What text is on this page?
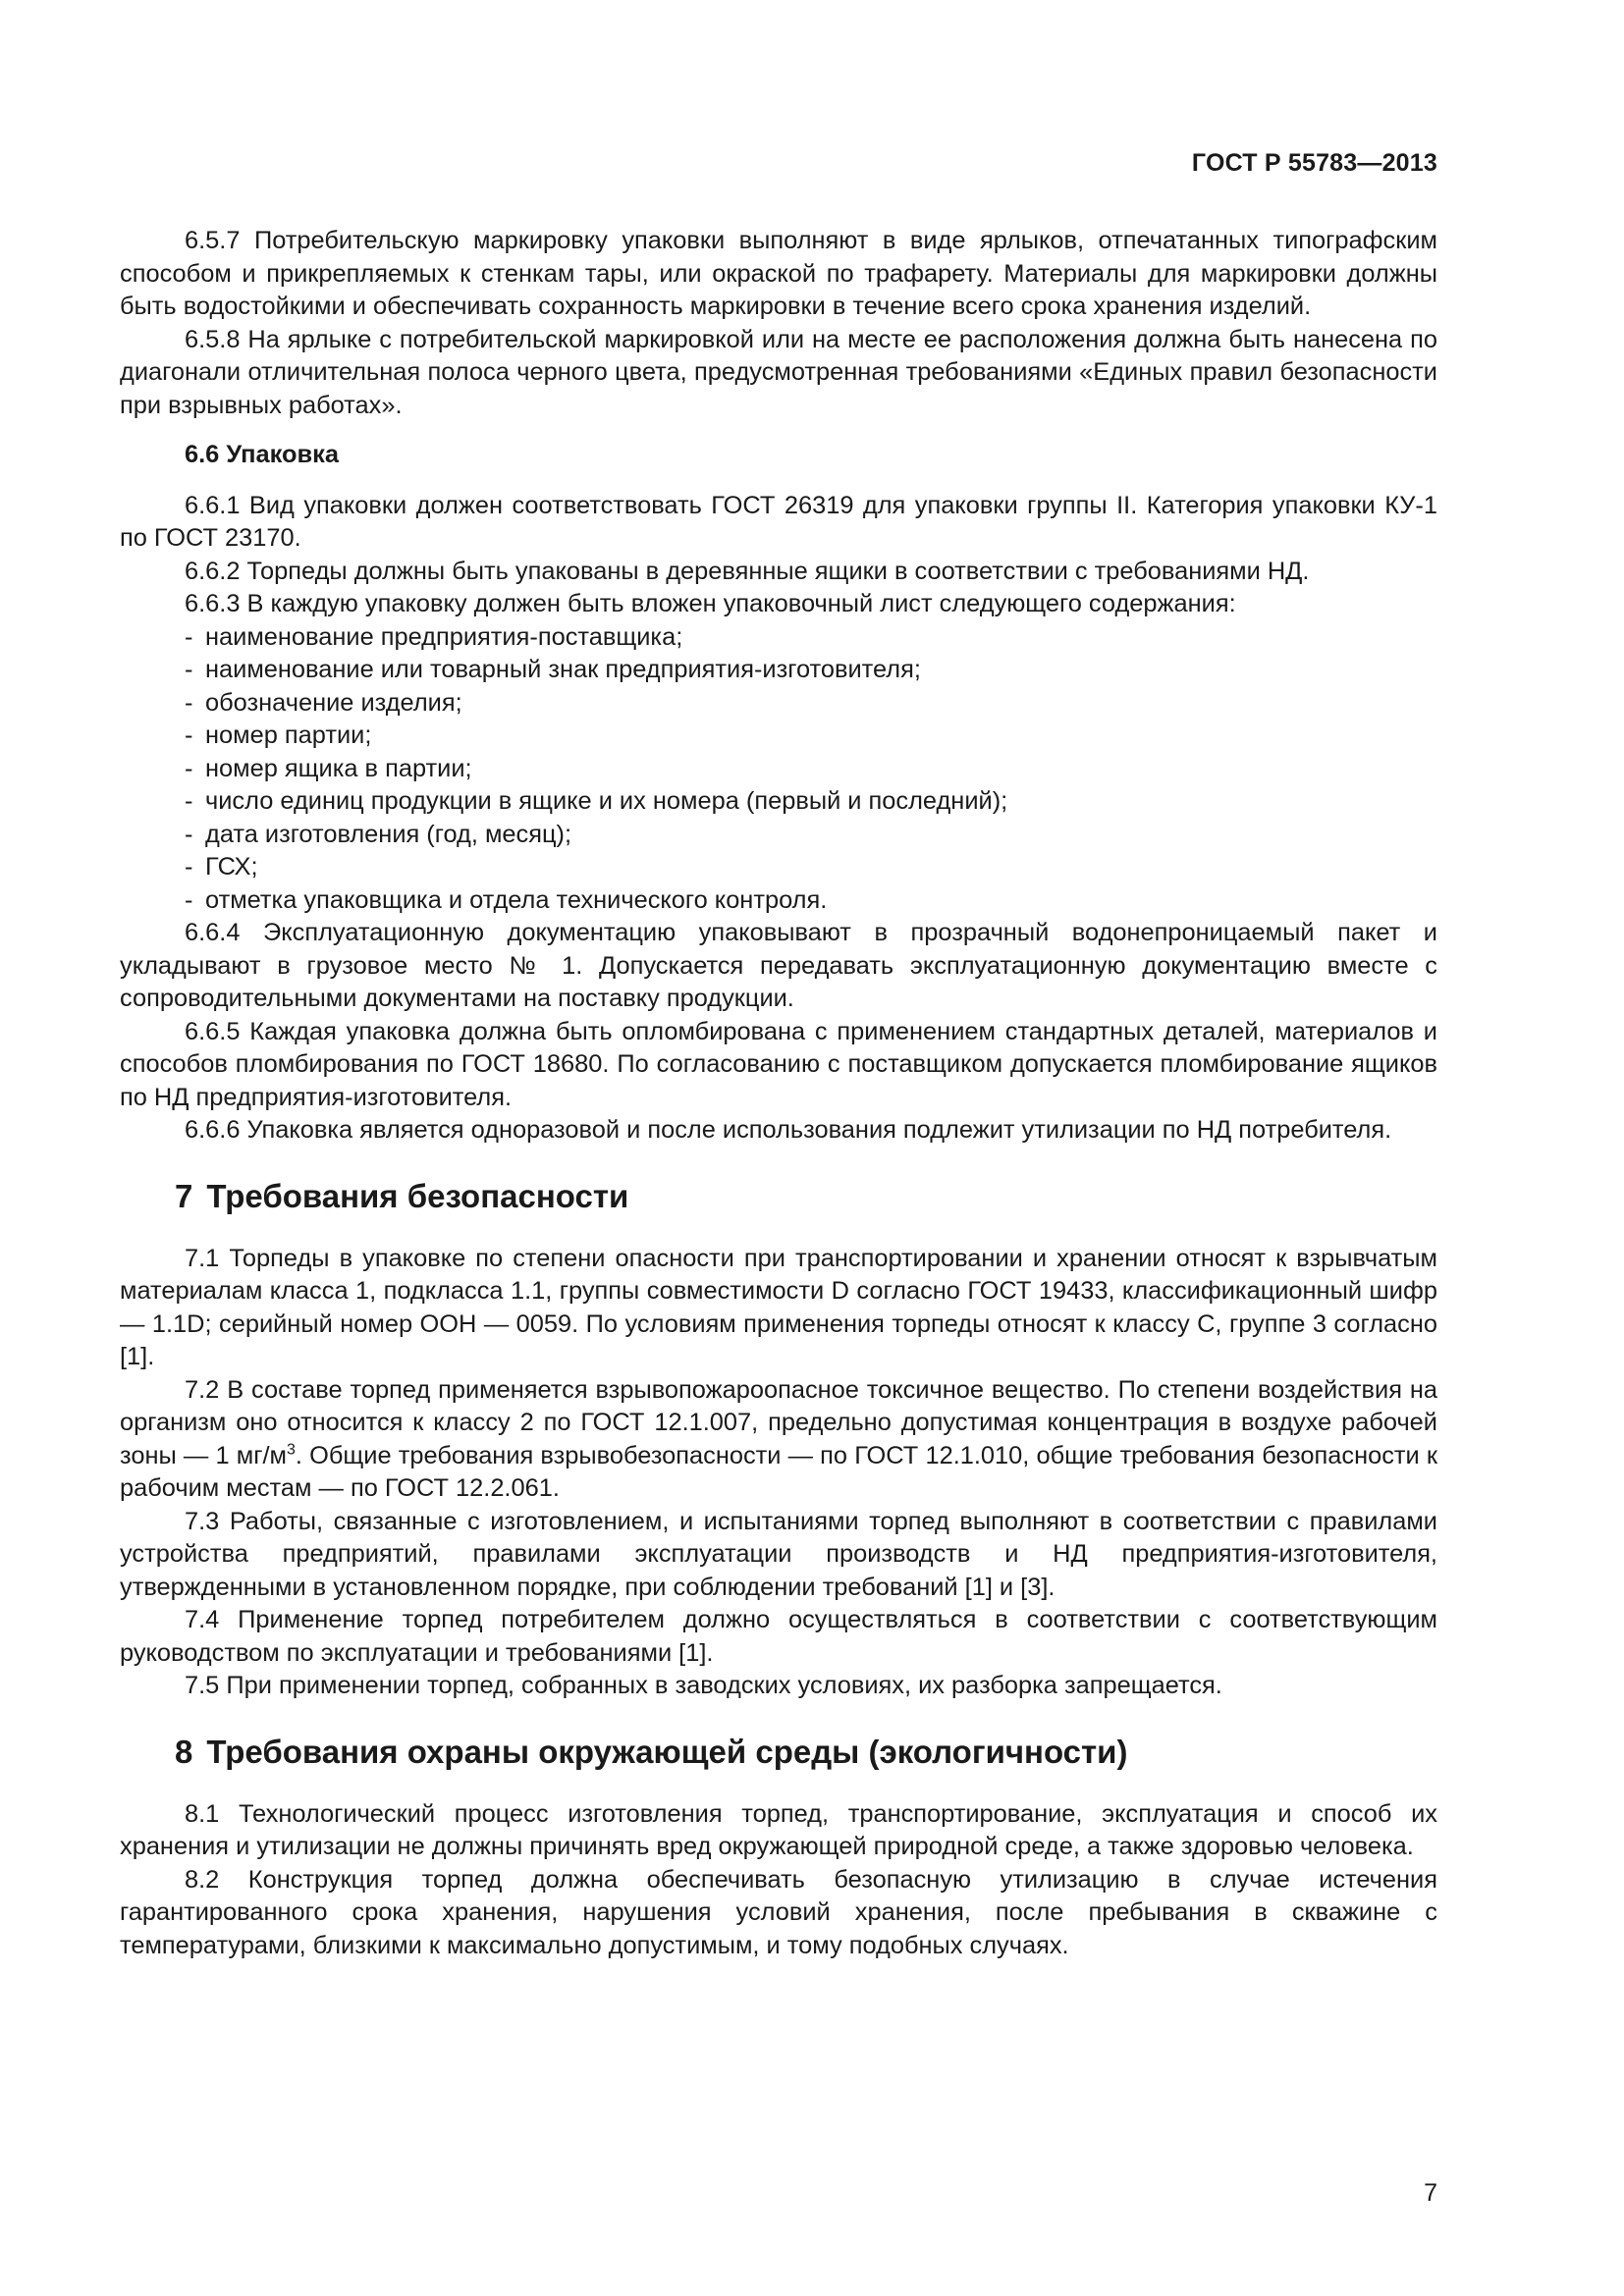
ГОСТ Р 55783—2013

6.5.7 Потребительскую маркировку упаковки выполняют в виде ярлыков, отпечатанных типографским способом и прикрепляемых к стенкам тары, или окраской по трафарету. Материалы для маркировки должны быть водостойкими и обеспечивать сохранность маркировки в течение всего срока хранения изделий.

6.5.8 На ярлыке с потребительской маркировкой или на месте ее расположения должна быть нанесена по диагонали отличительная полоса черного цвета, предусмотренная требованиями «Единых правил безопасности при взрывных работах».

6.6 Упаковка

6.6.1 Вид упаковки должен соответствовать ГОСТ 26319 для упаковки группы II. Категория упаковки КУ-1 по ГОСТ 23170.

6.6.2 Торпеды должны быть упакованы в деревянные ящики в соответствии с требованиями НД.

6.6.3 В каждую упаковку должен быть вложен упаковочный лист следующего содержания:

- наименование предприятия-поставщика;

- наименование или товарный знак предприятия-изготовителя;

- обозначение изделия;

- номер партии;

- номер ящика в партии;

- число единиц продукции в ящике и их номера (первый и последний);

- дата изготовления (год, месяц);

- ГСХ;

- отметка упаковщика и отдела технического контроля.

6.6.4 Эксплуатационную документацию упаковывают в прозрачный водонепроницаемый пакет и укладывают в грузовое место № 1. Допускается передавать эксплуатационную документацию вместе с сопроводительными документами на поставку продукции.

6.6.5 Каждая упаковка должна быть опломбирована с применением стандартных деталей, материалов и способов пломбирования по ГОСТ 18680. По согласованию с поставщиком допускается пломбирование ящиков по НД предприятия-изготовителя.

6.6.6 Упаковка является одноразовой и после использования подлежит утилизации по НД потребителя.

7 Требования безопасности

7.1 Торпеды в упаковке по степени опасности при транспортировании и хранении относят к взрывчатым материалам класса 1, подкласса 1.1, группы совместимости D согласно ГОСТ 19433, классификационный шифр — 1.1D; серийный номер ООН — 0059. По условиям применения торпеды относят к классу С, группе 3 согласно [1].

7.2 В составе торпед применяется взрывопожароопасное токсичное вещество. По степени воздействия на организм оно относится к классу 2 по ГОСТ 12.1.007, предельно допустимая концентрация в воздухе рабочей зоны — 1 $мг/м^3$. Общие требования взрывобезопасности — по ГОСТ 12.1.010, общие требования безопасности к рабочим местам — по ГОСТ 12.2.061.

7.3 Работы, связанные с изготовлением, и испытаниями торпед выполняют в соответствии с правилами устройства предприятий, правилами эксплуатации производств и НД предприятия-изготовителя, утвержденными в установленном порядке, при соблюдении требований [1] и [3].

7.4 Применение торпед потребителем должно осуществляться в соответствии с соответствующим руководством по эксплуатации и требованиями [1].

7.5 При применении торпед, собранных в заводских условиях, их разборка запрещается.

8 Требования охраны окружающей среды (экологичности)

8.1 Технологический процесс изготовления торпед, транспортирование, эксплуатация и способ их хранения и утилизации не должны причинять вред окружающей природной среде, а также здоровью человека.

8.2 Конструкция торпед должна обеспечивать безопасную утилизацию в случае истечения гарантированного срока хранения, нарушения условий хранения, после пребывания в скважине с температурами, близкими к максимально допустимым, и тому подобных случаях.

7
